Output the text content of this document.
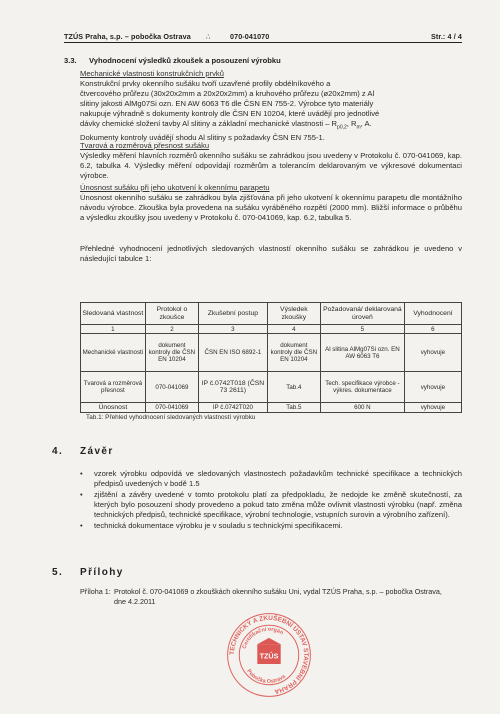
TZÚS Praha, s.p. – pobočka Ostrava ∴	070-041070	Str.: 4 / 4
3.3. Vyhodnocení výsledků zkoušek a posouzení výrobku
Mechanické vlastnosti konstrukčních prvků

Konstrukční prvky okenního sušáku tvoří uzavřené profily obdélníkového a

čtvercového průřezu (30x20x2mm a 20x20x2mm) a kruhového průřezu (ø20x2mm) z Al

slitiny jakosti AlMg07Si ozn. EN AW 6063 T6 dle ČSN EN 755-2. Výrobce tyto materiály

nakupuje výhradně s dokumenty kontroly dle ČSN EN 10204, které uvádějí pro jednotlivé

dávky chemické složení tavby Al slitiny a základní mechanické vlastnosti – $R_{p0,2}$, $R_m$, A.

Dokumenty kontroly uvádějí shodu Al slitiny s požadavky ČSN EN 755-1.

Tvarová a rozměrová přesnost sušáku
Výsledky měření hlavních rozměrů okenního sušáku se zahrádkou jsou uvedeny v Protokolu č. 070-041069, kap. 6.2, tabulka 4. Výsledky měření odpovídají rozměrům a tolerancím deklarovaným ve výkresové dokumentaci výrobce.
Únosnost sušáku při jeho ukotvení k okennímu parapetu
Únosnost okenního sušáku se zahrádkou byla zjišťována při jeho ukotvení k okennímu parapetu dle montážního návodu výrobce. Zkouška byla provedena na sušáku vyráběného rozpětí (2000 mm). Bližší informace o průběhu a výsledku zkoušky jsou uvedeny v Protokolu č. 070-041069, kap. 6.2, tabulka 5.
Přehledné vyhodnocení jednotlivých sledovaných vlastností okenního sušáku se zahrádkou je uvedeno v následující tabulce 1:
Sledovaná vlastnost	Protokol o zkoušce	Zkušební postup	Výsledek zkoušky	Požadovaná/ deklarovaná úroveň	Vyhodnocení
1	2	3	4	5	6
Mechanické vlastnosti	dokument kontroly dle ČSN EN 10204	ČSN EN ISO 6892-1	dokument kontroly dle ČSN EN 10204	Al slitina AlMg07Si ozn. EN AW 6063 T6	vyhovuje
Tvarová a rozměrová přesnost	070-041069	IP č.0742T018 (ČSN 73 2611)	Tab.4	Tech. specifikace výrobce - výkres. dokumentace	vyhovuje
Únosnost	070-041069	IP č.0742T020	Tab.5	600 N	vyhovuje
Tab.1: Přehled vyhodnocení sledovaných vlastností výrobku
4. Závěr
• vzorek výrobku odpovídá ve sledovaných vlastnostech požadavkům technické specifikace a technických předpisů uvedených v bodě 1.5
• zjištění a závěry uvedené v tomto protokolu platí za předpokladu, že nedojde ke změně skutečností, za kterých bylo posouzení shody provedeno a pokud tato změna může ovlivnit vlastnosti výrobku (např. změna technických předpisů, technické specifikace, výrobní technologie, vstupních surovin a výrobního zařízení).
• technická dokumentace výrobku je v souladu s technickými specifikacemi.
5. Přílohy
Příloha 1: Protokol č. 070-041069 o zkouškách okenního sušáku Uni, vydal TZÚS Praha, s.p. – pobočka Ostrava, dne 4.2.2011
TECHNICKÝ A ZKUŠEBNÍ ÚSTAV STAVEBNÍ PRAHA
Certifikační orgán
Pobočka Ostrava
TZÚS
